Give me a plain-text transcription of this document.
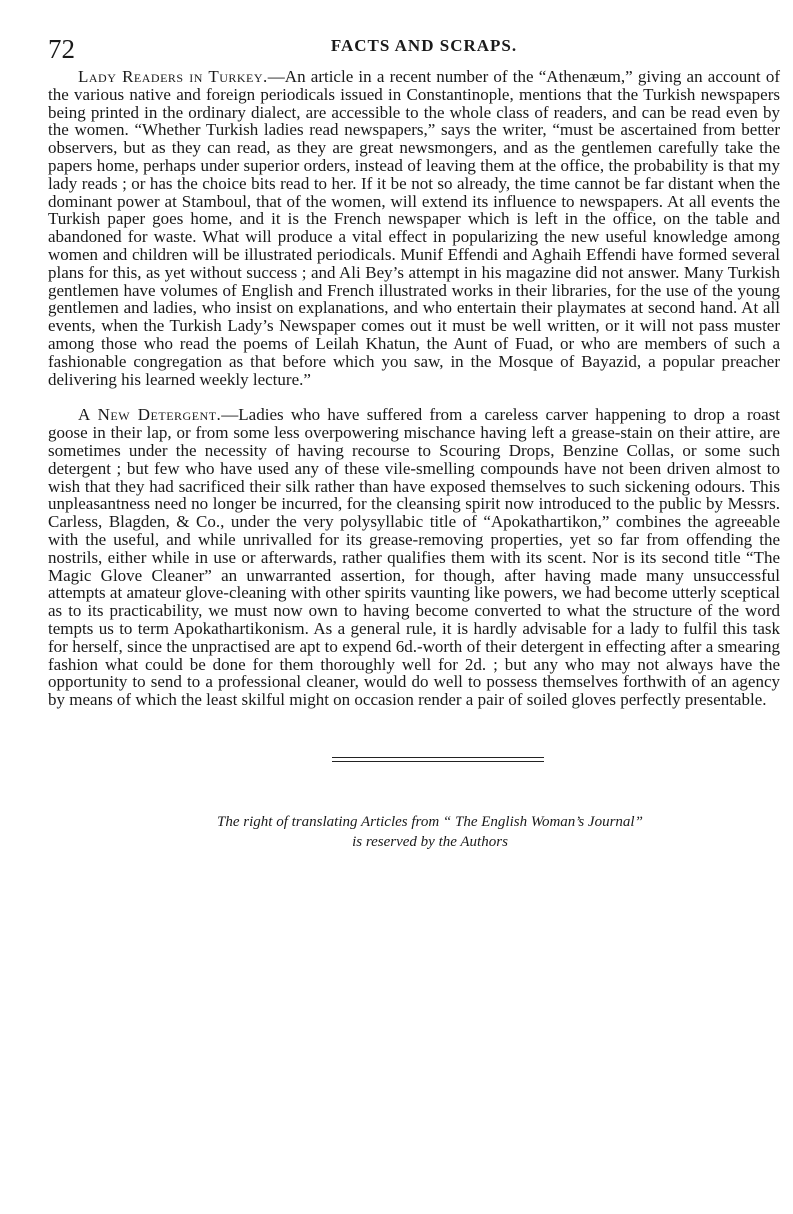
72	FACTS AND SCRAPS.

Lady Readers in Turkey.—An article in a recent number of the “Athenæum,” giving an account of the various native and foreign periodicals issued in Constantinople, mentions that the Turkish newspapers being printed in the ordinary dialect, are accessible to the whole class of readers, and can be read even by the women. “Whether Turkish ladies read newspapers,” says the writer, “must be ascertained from better observers, but as they can read, as they are great newsmongers, and as the gentlemen carefully take the papers home, perhaps under superior orders, instead of leaving them at the office, the probability is that my lady reads ; or has the choice bits read to her. If it be not so already, the time cannot be far distant when the dominant power at Stamboul, that of the women, will extend its influence to newspapers. At all events the Turkish paper goes home, and it is the French newspaper which is left in the office, on the table and abandoned for waste. What will produce a vital effect in popularizing the new useful knowledge among women and children will be illustrated periodicals. Munif Effendi and Aghaih Effendi have formed several plans for this, as yet without success ; and Ali Bey’s attempt in his magazine did not answer. Many Turkish gentlemen have volumes of English and French illustrated works in their libraries, for the use of the young gentlemen and ladies, who insist on explanations, and who entertain their playmates at second hand. At all events, when the Turkish Lady’s Newspaper comes out it must be well written, or it will not pass muster among those who read the poems of Leilah Khatun, the Aunt of Fuad, or who are members of such a fashionable congregation as that before which you saw, in the Mosque of Bayazid, a popular preacher delivering his learned weekly lecture.”

A New Detergent.—Ladies who have suffered from a careless carver happening to drop a roast goose in their lap, or from some less overpowering mischance having left a grease-stain on their attire, are sometimes under the necessity of having recourse to Scouring Drops, Benzine Collas, or some such detergent ; but few who have used any of these vile-smelling compounds have not been driven almost to wish that they had sacrificed their silk rather than have exposed themselves to such sickening odours. This unpleasantness need no longer be incurred, for the cleansing spirit now introduced to the public by Messrs. Carless, Blagden, & Co., under the very polysyllabic title of “Apokathartikon,” combines the agreeable with the useful, and while unrivalled for its grease-removing properties, yet so far from offending the nostrils, either while in use or afterwards, rather qualifies them with its scent. Nor is its second title “The Magic Glove Cleaner” an unwarranted assertion, for though, after having made many unsuccessful attempts at amateur glove-cleaning with other spirits vaunting like powers, we had become utterly sceptical as to its practicability, we must now own to having become converted to what the structure of the word tempts us to term Apokathartikonism. As a general rule, it is hardly advisable for a lady to fulfil this task for herself, since the unpractised are apt to expend 6d.-worth of their detergent in effecting after a smearing fashion what could be done for them thoroughly well for 2d. ; but any who may not always have the opportunity to send to a professional cleaner, would do well to possess themselves forthwith of an agency by means of which the least skilful might on occasion render a pair of soiled gloves perfectly presentable.

The right of translating Articles from “ The English Woman’s Journal”
is reserved by the Authors
